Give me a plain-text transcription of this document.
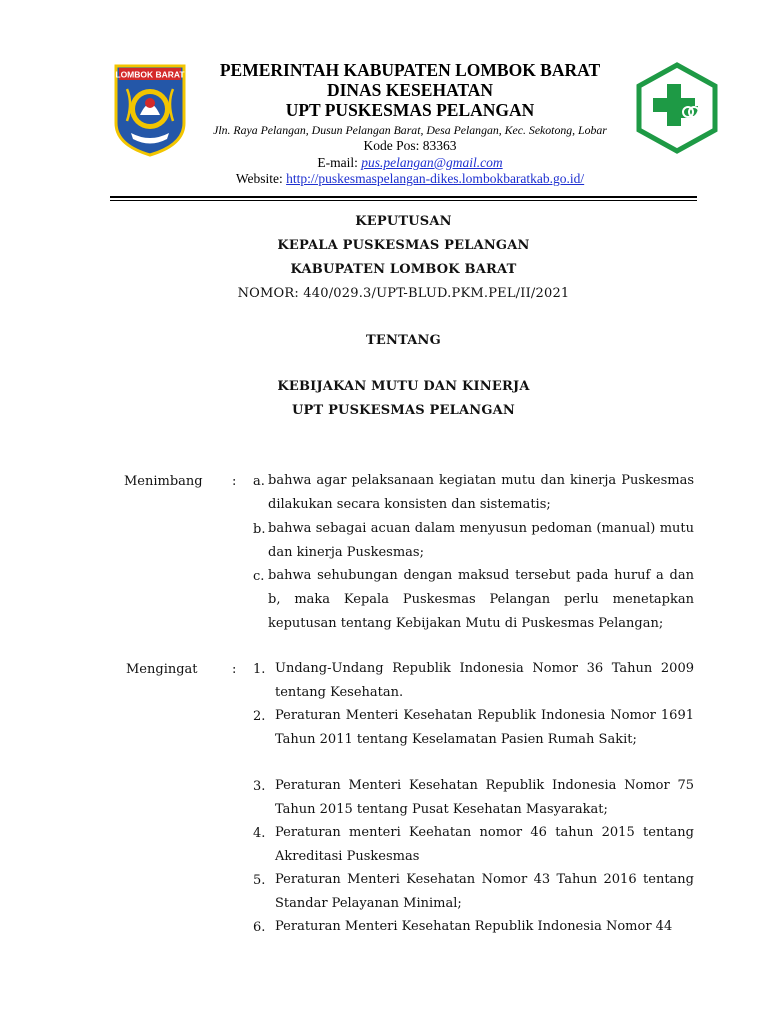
LOMBOK BARAT	PEMERINTAH KABUPATEN LOMBOK BARAT
DINAS KESEHATAN
UPT PUSKESMAS PELANGAN
Jln. Raya Pelangan, Dusun Pelangan Barat, Desa Pelangan, Kec. Sekotong, Lobar
Kode Pos: 83363
E-mail: pus.pelangan@gmail.com
Website: http://puskesmaspelangan-dikes.lombokbaratkab.go.id/
KEPUTUSAN
KEPALA PUSKESMAS PELANGAN
KABUPATEN LOMBOK BARAT
NOMOR: 440/029.3/UPT-BLUD.PKM.PEL/II/2021
TENTANG
KEBIJAKAN MUTU DAN KINERJA
UPT PUSKESMAS PELANGAN
Menimbang : a. bahwa agar pelaksanaan kegiatan mutu dan kinerja Puskesmas dilakukan secara konsisten dan sistematis;
b. bahwa sebagai acuan dalam menyusun pedoman (manual) mutu dan kinerja Puskesmas;
c. bahwa sehubungan dengan maksud tersebut pada huruf a dan b, maka Kepala Puskesmas Pelangan perlu menetapkan keputusan tentang Kebijakan Mutu di Puskesmas Pelangan;
Mengingat	: 1. Undang-Undang Republik Indonesia Nomor 36 Tahun 2009 tentang Kesehatan.
2. Peraturan Menteri Kesehatan Republik Indonesia Nomor 1691 Tahun 2011 tentang Keselamatan Pasien Rumah Sakit;
3. Peraturan Menteri Kesehatan Republik Indonesia Nomor 75 Tahun 2015 tentang Pusat Kesehatan Masyarakat;
4. Peraturan menteri Keehatan nomor 46 tahun 2015 tentang Akreditasi Puskesmas
5. Peraturan Menteri Kesehatan Nomor 43 Tahun 2016 tentang Standar Pelayanan Minimal;
6. Peraturan Menteri Kesehatan Republik Indonesia Nomor 44
